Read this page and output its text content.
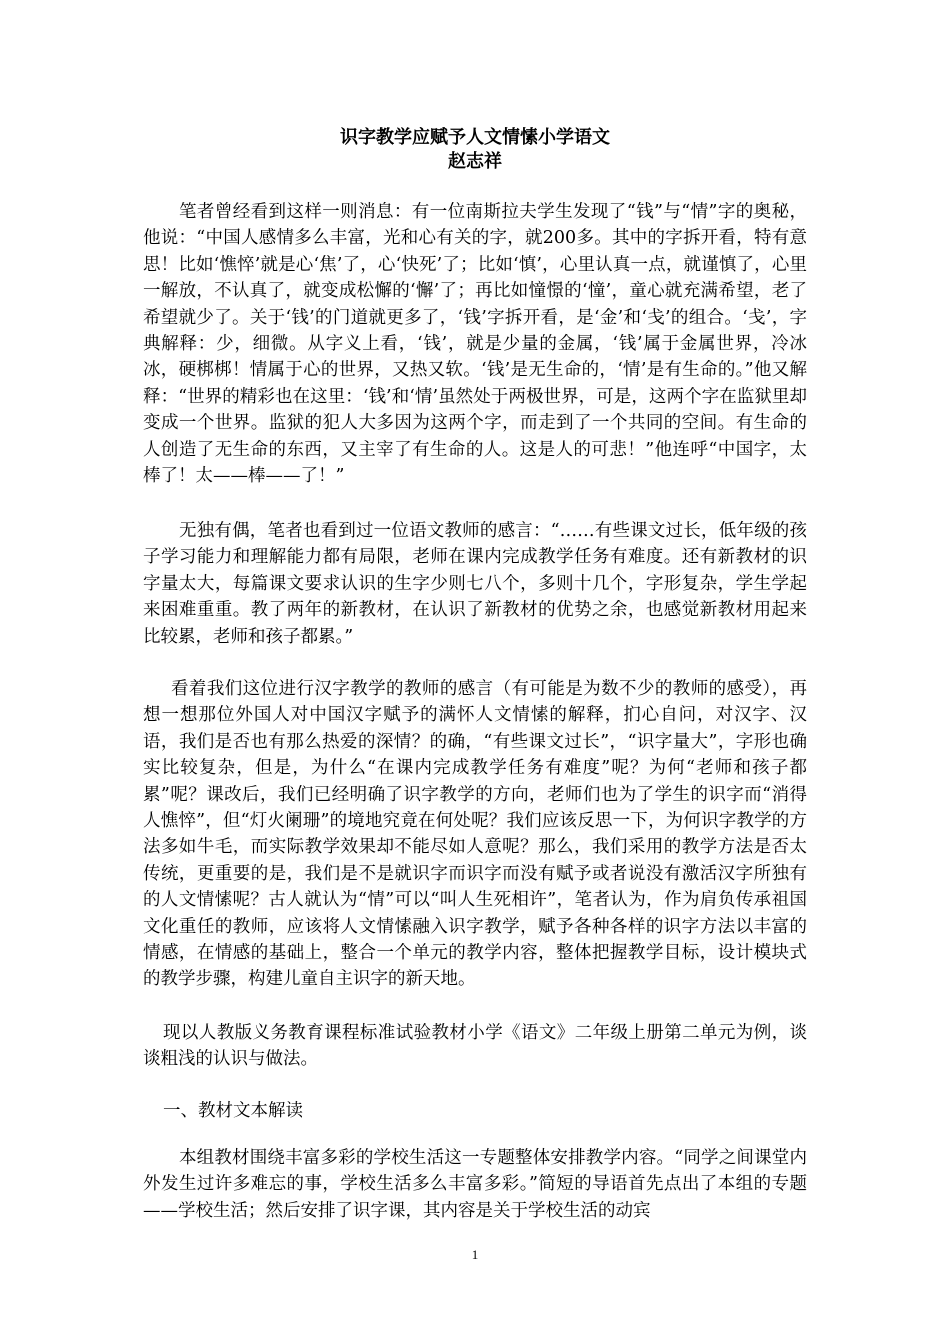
识字教学应赋予人文情愫小学语文
赵志祥

笔者曾经看到这样一则消息：有一位南斯拉夫学生发现了“钱”与“情”字的奥秘，他说：“中国人感情多么丰富，光和心有关的字，就200多。其中的字拆开看，特有意思！比如‘憔悴’就是心‘焦’了，心‘快死’了；比如‘慎’，心里认真一点，就谨慎了，心里一解放，不认真了，就变成松懈的‘懈’了；再比如憧憬的‘憧’，童心就充满希望，老了希望就少了。关于‘钱’的门道就更多了，‘钱’字拆开看，是‘金’和‘戋’的组合。‘戋’，字典解释：少，细微。从字义上看，‘钱’，就是少量的金属，‘钱’属于金属世界，冷冰冰，硬梆梆！情属于心的世界，又热又软。‘钱’是无生命的，‘情’是有生命的。”他又解释：“世界的精彩也在这里：‘钱’和‘情’虽然处于两极世界，可是，这两个字在监狱里却变成一个世界。监狱的犯人大多因为这两个字，而走到了一个共同的空间。有生命的人创造了无生命的东西，又主宰了有生命的人。这是人的可悲！”他连呼“中国字，太棒了！太——棒——了！”

无独有偶，笔者也看到过一位语文教师的感言：“……有些课文过长，低年级的孩子学习能力和理解能力都有局限，老师在课内完成教学任务有难度。还有新教材的识字量太大，每篇课文要求认识的生字少则七八个，多则十几个，字形复杂，学生学起来困难重重。教了两年的新教材，在认识了新教材的优势之余，也感觉新教材用起来比较累，老师和孩子都累。”

看着我们这位进行汉字教学的教师的感言（有可能是为数不少的教师的感受），再想一想那位外国人对中国汉字赋予的满怀人文情愫的解释，扪心自问，对汉字、汉语，我们是否也有那么热爱的深情？的确，“有些课文过长”，“识字量大”，字形也确实比较复杂，但是，为什么“在课内完成教学任务有难度”呢？为何“老师和孩子都累”呢？课改后，我们已经明确了识字教学的方向，老师们也为了学生的识字而“消得人憔悴”，但“灯火阑珊”的境地究竟在何处呢？我们应该反思一下，为何识字教学的方法多如牛毛，而实际教学效果却不能尽如人意呢？那么，我们采用的教学方法是否太传统，更重要的是，我们是不是就识字而识字而没有赋予或者说没有激活汉字所独有的人文情愫呢？古人就认为“情”可以“叫人生死相许”，笔者认为，作为肩负传承祖国文化重任的教师，应该将人文情愫融入识字教学，赋予各种各样的识字方法以丰富的情感，在情感的基础上，整合一个单元的教学内容，整体把握教学目标，设计模块式的教学步骤，构建儿童自主识字的新天地。

现以人教版义务教育课程标准试验教材小学《语文》二年级上册第二单元为例，谈谈粗浅的认识与做法。

一、教材文本解读

本组教材围绕丰富多彩的学校生活这一专题整体安排教学内容。“同学之间课堂内外发生过许多难忘的事，学校生活多么丰富多彩。”简短的导语首先点出了本组的专题——学校生活；然后安排了识字课，其内容是关于学校生活的动宾

1
